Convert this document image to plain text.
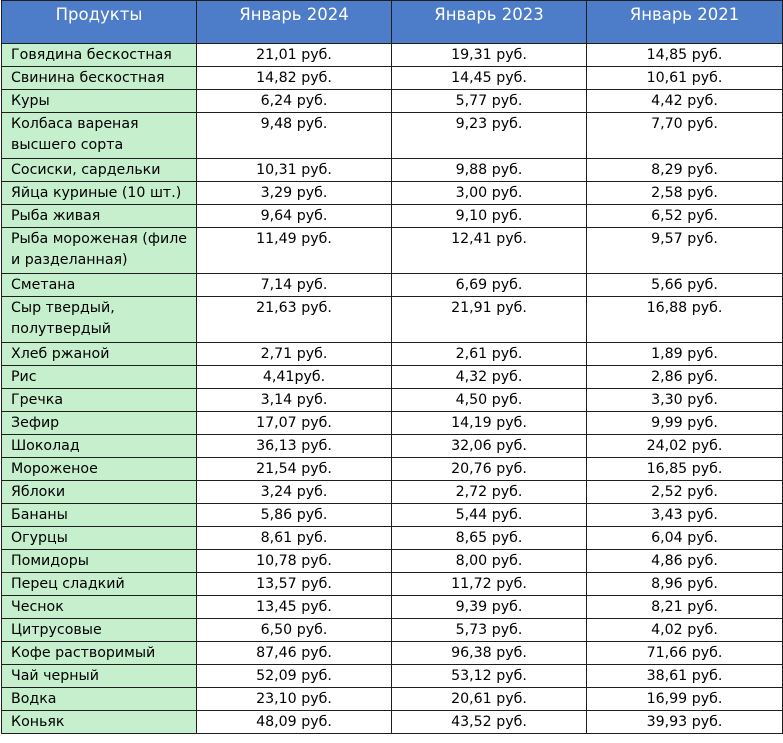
Продукты	Январь 2024	Январь 2023	Январь 2021
Говядина бескостная	21,01 руб.	19,31 руб.	14,85 руб.
Свинина бескостная	14,82 руб.	14,45 руб.	10,61 руб.
Куры	6,24 руб.	5,77 руб.	4,42 руб.
Колбаса вареная высшего сорта	9,48 руб.	9,23 руб.	7,70 руб.
Сосиски, сардельки	10,31 руб.	9,88 руб.	8,29 руб.
Яйца куриные (10 шт.)	3,29 руб.	3,00 руб.	2,58 руб.
Рыба живая	9,64 руб.	9,10 руб.	6,52 руб.
Рыба мороженая (филе и разделанная)	11,49 руб.	12,41 руб.	9,57 руб.
Сметана	7,14 руб.	6,69 руб.	5,66 руб.
Сыр твердый, полутвердый	21,63 руб.	21,91 руб.	16,88 руб.
Хлеб ржаной	2,71 руб.	2,61 руб.	1,89 руб.
Рис	4,41руб.	4,32 руб.	2,86 руб.
Гречка	3,14 руб.	4,50 руб.	3,30 руб.
Зефир	17,07 руб.	14,19 руб.	9,99 руб.
Шоколад	36,13 руб.	32,06 руб.	24,02 руб.
Мороженое	21,54 руб.	20,76 руб.	16,85 руб.
Яблоки	3,24 руб.	2,72 руб.	2,52 руб.
Бананы	5,86 руб.	5,44 руб.	3,43 руб.
Огурцы	8,61 руб.	8,65 руб.	6,04 руб.
Помидоры	10,78 руб.	8,00 руб.	4,86 руб.
Перец сладкий	13,57 руб.	11,72 руб.	8,96 руб.
Чеснок	13,45 руб.	9,39 руб.	8,21 руб.
Цитрусовые	6,50 руб.	5,73 руб.	4,02 руб.
Кофе растворимый	87,46 руб.	96,38 руб.	71,66 руб.
Чай черный	52,09 руб.	53,12 руб.	38,61 руб.
Водка	23,10 руб.	20,61 руб.	16,99 руб.
Коньяк	48,09 руб.	43,52 руб.	39,93 руб.
